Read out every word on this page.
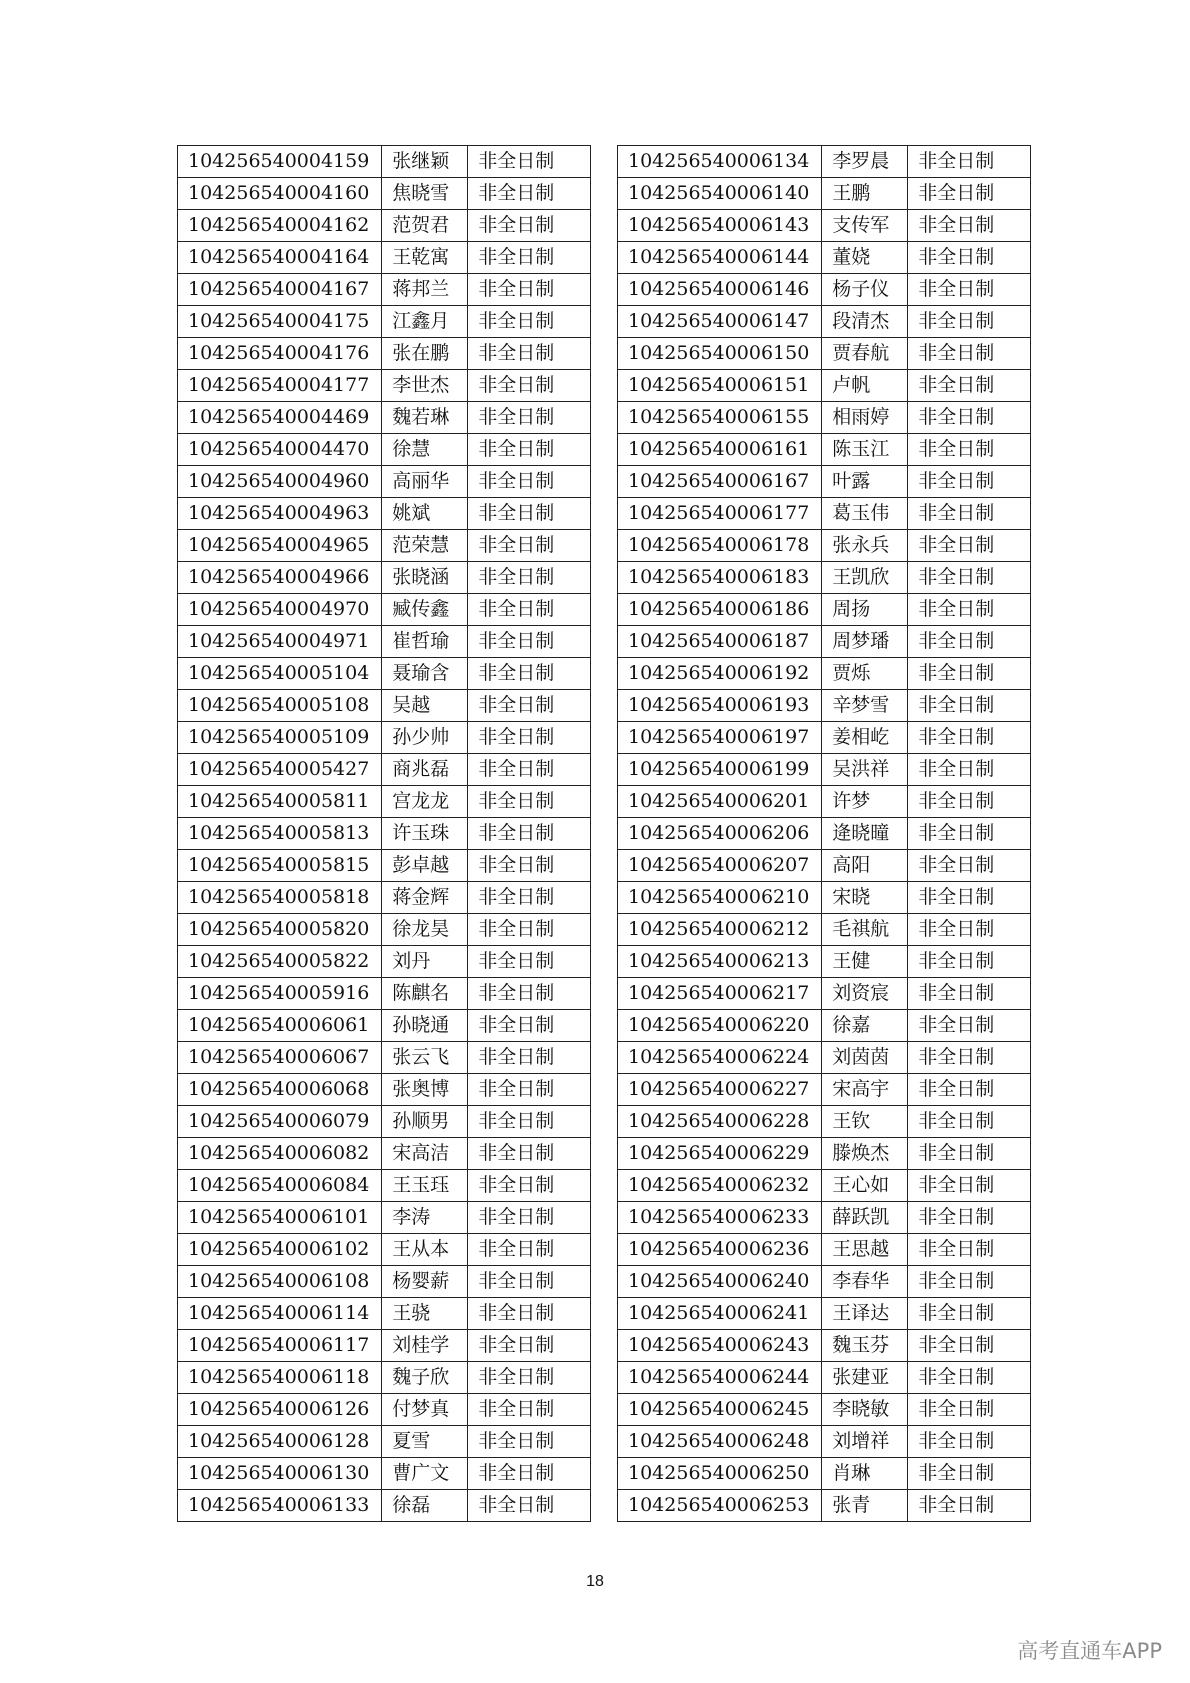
104256540004159	张继颖	非全日制
104256540004160	焦晓雪	非全日制
104256540004162	范贺君	非全日制
104256540004164	王乾寓	非全日制
104256540004167	蒋邦兰	非全日制
104256540004175	江鑫月	非全日制
104256540004176	张在鹏	非全日制
104256540004177	李世杰	非全日制
104256540004469	魏若琳	非全日制
104256540004470	徐慧	非全日制
104256540004960	高丽华	非全日制
104256540004963	姚斌	非全日制
104256540004965	范荣慧	非全日制
104256540004966	张晓涵	非全日制
104256540004970	臧传鑫	非全日制
104256540004971	崔哲瑜	非全日制
104256540005104	聂瑜含	非全日制
104256540005108	吴越	非全日制
104256540005109	孙少帅	非全日制
104256540005427	商兆磊	非全日制
104256540005811	宫龙龙	非全日制
104256540005813	许玉珠	非全日制
104256540005815	彭卓越	非全日制
104256540005818	蒋金辉	非全日制
104256540005820	徐龙昊	非全日制
104256540005822	刘丹	非全日制
104256540005916	陈麒名	非全日制
104256540006061	孙晓通	非全日制
104256540006067	张云飞	非全日制
104256540006068	张奥博	非全日制
104256540006079	孙顺男	非全日制
104256540006082	宋高洁	非全日制
104256540006084	王玉珏	非全日制
104256540006101	李涛	非全日制
104256540006102	王从本	非全日制
104256540006108	杨婴薪	非全日制
104256540006114	王骁	非全日制
104256540006117	刘桂学	非全日制
104256540006118	魏子欣	非全日制
104256540006126	付梦真	非全日制
104256540006128	夏雪	非全日制
104256540006130	曹广文	非全日制
104256540006133	徐磊	非全日制
104256540006134	李罗晨	非全日制
104256540006140	王鹏	非全日制
104256540006143	支传军	非全日制
104256540006144	董娆	非全日制
104256540006146	杨子仪	非全日制
104256540006147	段清杰	非全日制
104256540006150	贾春航	非全日制
104256540006151	卢帆	非全日制
104256540006155	相雨婷	非全日制
104256540006161	陈玉江	非全日制
104256540006167	叶露	非全日制
104256540006177	葛玉伟	非全日制
104256540006178	张永兵	非全日制
104256540006183	王凯欣	非全日制
104256540006186	周扬	非全日制
104256540006187	周梦璠	非全日制
104256540006192	贾烁	非全日制
104256540006193	辛梦雪	非全日制
104256540006197	姜相屹	非全日制
104256540006199	吴洪祥	非全日制
104256540006201	许梦	非全日制
104256540006206	逄晓曈	非全日制
104256540006207	高阳	非全日制
104256540006210	宋晓	非全日制
104256540006212	毛祺航	非全日制
104256540006213	王健	非全日制
104256540006217	刘资宸	非全日制
104256540006220	徐嘉	非全日制
104256540006224	刘茵茵	非全日制
104256540006227	宋高宇	非全日制
104256540006228	王钦	非全日制
104256540006229	滕焕杰	非全日制
104256540006232	王心如	非全日制
104256540006233	薛跃凯	非全日制
104256540006236	王思越	非全日制
104256540006240	李春华	非全日制
104256540006241	王译达	非全日制
104256540006243	魏玉芬	非全日制
104256540006244	张建亚	非全日制
104256540006245	李晓敏	非全日制
104256540006248	刘增祥	非全日制
104256540006250	肖琳	非全日制
104256540006253	张青	非全日制
18
高考直通车APP
